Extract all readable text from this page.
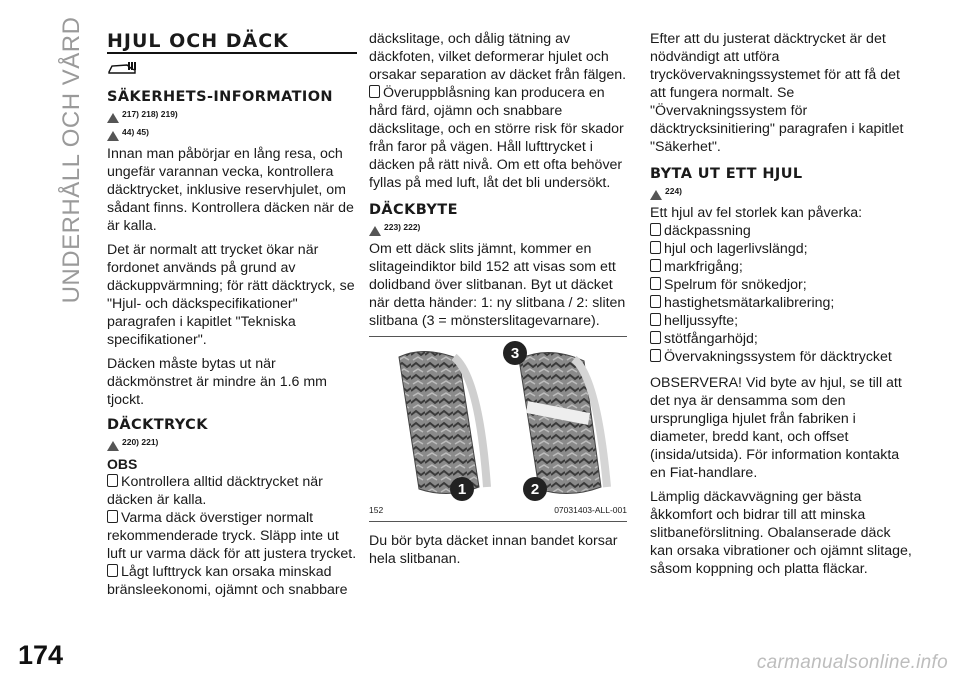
UNDERHÅLL OCH VÅRD
174	carmanualsonline.info
HJUL OCH DÄCK
SÄKERHETS-INFORMATION
217) 218) 219)
44) 45)

Innan man påbörjar en lång resa, och ungefär varannan vecka, kontrollera däcktrycket, inklusive reservhjulet, om sådant finns. Kontrollera däcken när de är kalla.

Det är normalt att trycket ökar när fordonet används på grund av däckuppvärmning; för rätt däcktryck, se "Hjul- och däckspecifikationer" paragrafen i kapitlet "Tekniska specifikationer".

Däcken måste bytas ut när däckmönstret är mindre än 1.6 mm tjockt.

DÄCKTRYCK
220) 221)
OBS
Kontrollera alltid däcktrycket när däcken är kalla.
Varma däck överstiger normalt rekommenderade tryck. Släpp inte ut luft ur varma däck för att justera trycket.
Lågt lufttryck kan orsaka minskad bränsleekonomi, ojämnt och snabbare

däckslitage, och dålig tätning av däckfoten, vilket deformerar hjulet och orsakar separation av däcket från fälgen.

Överuppblåsning kan producera en hård färd, ojämn och snabbare däckslitage, och en större risk för skador från faror på vägen. Håll lufttrycket i däcken på rätt nivå. Om ett ofta behöver fyllas på med luft, låt det bli undersökt.
DÄCKBYTE
223) 222)

Om ett däck slits jämnt, kommer en slitageindiktor bild 152 att visas som ett dolidband över slitbanan. Byt ut däcket när detta händer: 1: ny slitbana / 2: sliten slitbana (3 = mönsterslitagevarnare).

3
1	2
152	07031403-ALL-001

Du bör byta däcket innan bandet korsar hela slitbanan.

Efter att du justerat däcktrycket är det nödvändigt att utföra tryckövervakningssystemet för att få det att fungera normalt. Se "Övervakningssystem för däcktrycksinitiering" paragrafen i kapitlet "Säkerhet".

BYTA UT ETT HJUL
224)

Ett hjul av fel storlek kan påverka:

däckpassning
hjul och lagerlivslängd;
markfrigång;
Spelrum för snökedjor;
hastighetsmätarkalibrering;
helljussyfte;
stötfångarhöjd;
Övervakningssystem för däcktrycket

OBSERVERA! Vid byte av hjul, se till att det nya är densamma som den ursprungliga hjulet från fabriken i diameter, bredd kant, och offset (insida/utsida). För information kontakta en Fiat-handlare.

Lämplig däckavvägning ger bästa åkkomfort och bidrar till att minska slitbaneförslitning. Obalanserade däck kan orsaka vibrationer och ojämnt slitage, såsom koppning och platta fläckar.
